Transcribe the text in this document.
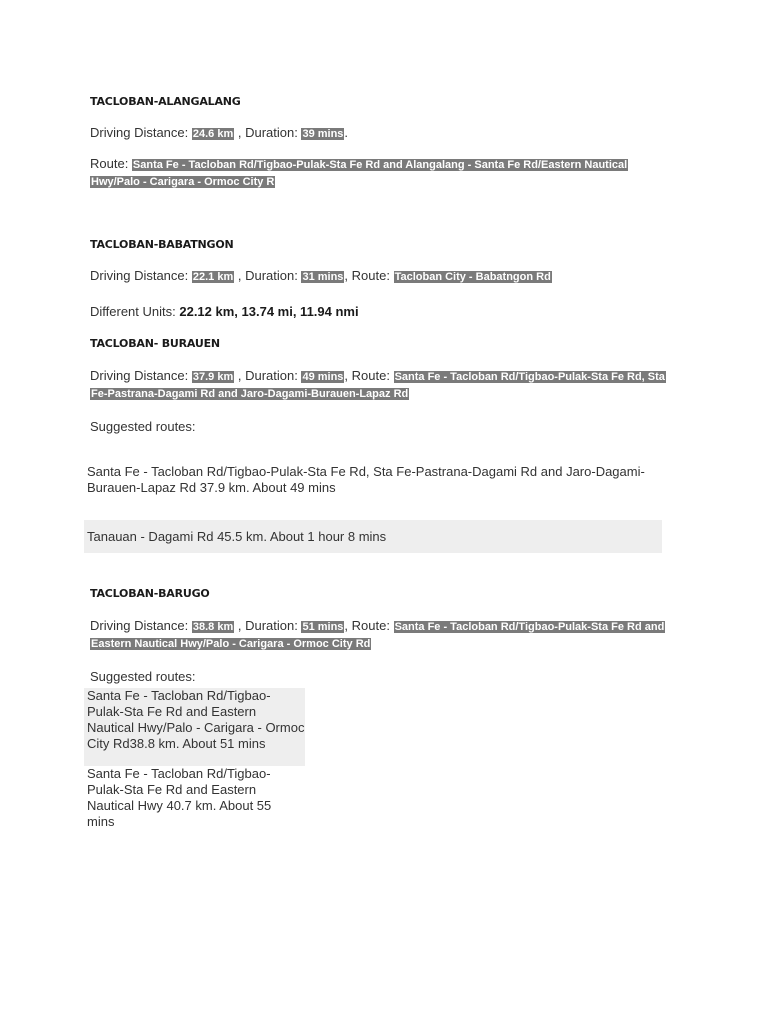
TACLOBAN-ALANGALANG
Driving Distance: 24.6 km , Duration: 39 mins.
Route: Santa Fe - Tacloban Rd/Tigbao-Pulak-Sta Fe Rd and Alangalang - Santa Fe Rd/Eastern Nautical Hwy/Palo - Carigara - Ormoc City R
TACLOBAN-BABATNGON
Driving Distance: 22.1 km , Duration: 31 mins, Route: Tacloban City - Babatngon Rd
Different Units: 22.12 km, 13.74 mi, 11.94 nmi
TACLOBAN- BURAUEN
Driving Distance: 37.9 km , Duration: 49 mins, Route: Santa Fe - Tacloban Rd/Tigbao-Pulak-Sta Fe Rd, Sta Fe-Pastrana-Dagami Rd and Jaro-Dagami-Burauen-Lapaz Rd
Suggested routes:
Santa Fe - Tacloban Rd/Tigbao-Pulak-Sta Fe Rd, Sta Fe-Pastrana-Dagami Rd and Jaro-Dagami-Burauen-Lapaz Rd 37.9 km. About 49 mins
Tanauan - Dagami Rd 45.5 km. About 1 hour 8 mins
TACLOBAN-BARUGO
Driving Distance: 38.8 km , Duration: 51 mins, Route: Santa Fe - Tacloban Rd/Tigbao-Pulak-Sta Fe Rd and Eastern Nautical Hwy/Palo - Carigara - Ormoc City Rd
Suggested routes:
Santa Fe - Tacloban Rd/Tigbao-Pulak-Sta Fe Rd and Eastern Nautical Hwy/Palo - Carigara - Ormoc City Rd38.8 km. About 51 mins
Santa Fe - Tacloban Rd/Tigbao-Pulak-Sta Fe Rd and Eastern Nautical Hwy 40.7 km. About 55 mins
